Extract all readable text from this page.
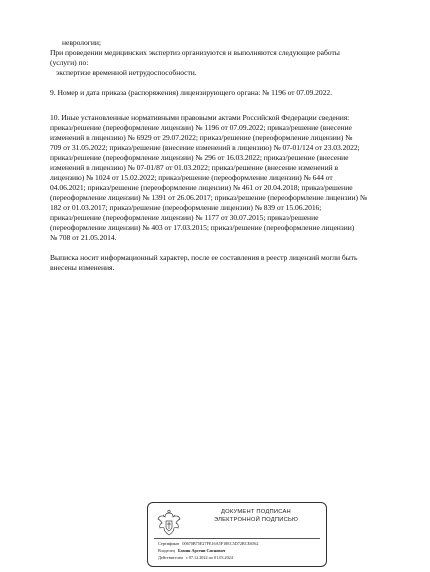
неврологии;
При проведении медицинских экспертиз организуются и выполняются следующие работы
(услуги) по:
экспертизе временной нетрудоспособности.
9. Номер и дата приказа (распоряжения) лицензирующего органа: № 1196 от 07.09.2022.
10. Иные установленные нормативными правовыми актами Российской Федерации сведения:
приказ/решение (переоформление лицензии) № 1196 от 07.09.2022; приказ/решение (внесение
изменений в лицензию) № 6929 от 29.07.2022; приказ/решение (переоформление лицензии) №
709 от 31.05.2022; приказ/решение (внесение изменений в лицензию) № 07-01/124 от 23.03.2022;
приказ/решение (переоформление лицензии) № 296 от 16.03.2022; приказ/решение (внесение
изменений в лицензию) № 07-01/87 от 01.03.2022; приказ/решение (внесение изменений в
лицензию) № 1024 от 15.02.2022; приказ/решение (переоформление лицензии) № 644 от
04.06.2021; приказ/решение (переоформление лицензии) № 461 от 20.04.2018; приказ/решение
(переоформление лицензии) № 1391 от 26.06.2017; приказ/решение (переоформление лицензии) №
182 от 01.03.2017; приказ/решение (переоформление лицензии) № 839 от 15.06.2016;
приказ/решение (переоформление лицензии) № 1177 от 30.07.2015; приказ/решение
(переоформление лицензии) № 403 от 17.03.2015; приказ/решение (переоформление лицензии)
№ 708 от 21.05.2014.
Выписка носит информационный характер, после ее составления в реестр лицензий могли быть
внесены изменения.
ДОКУМЕНТ ПОДПИСАН
ЭЛЕКТРОННОЙ ПОДПИСЬЮ
Сертификат 00670B75E27FE16A5F18EC5D72BCE6562
Владелец Бомин Арсени Сиснович
Действителен с 07.12.2022 по 01.03.2024
